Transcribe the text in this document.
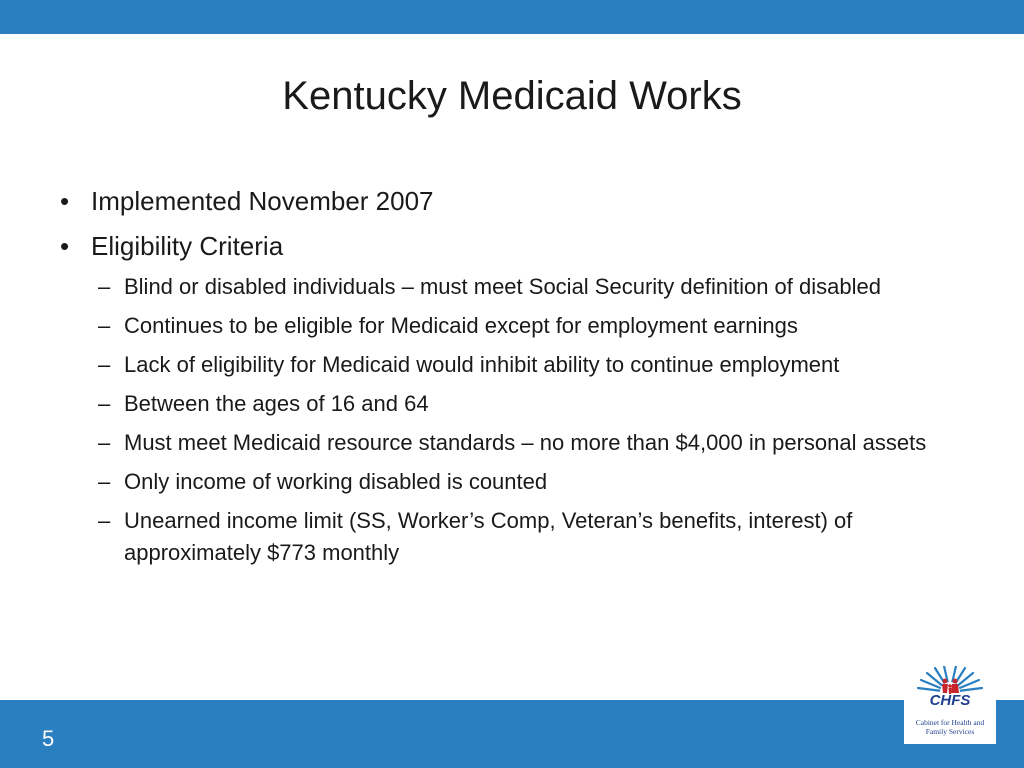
Kentucky Medicaid Works
• Implemented November 2007
• Eligibility Criteria
– Blind or disabled individuals – must meet Social Security definition of disabled
– Continues to be eligible for Medicaid except for employment earnings
– Lack of eligibility for Medicaid would inhibit ability to continue employment
– Between the ages of 16 and 64
– Must meet Medicaid resource standards – no more than $4,000 in personal assets
– Only income of working disabled is counted
– Unearned income limit (SS, Worker’s Comp, Veteran’s benefits, interest) of approximately $773 monthly
5
CHFS
Cabinet for Health and
Family Services
